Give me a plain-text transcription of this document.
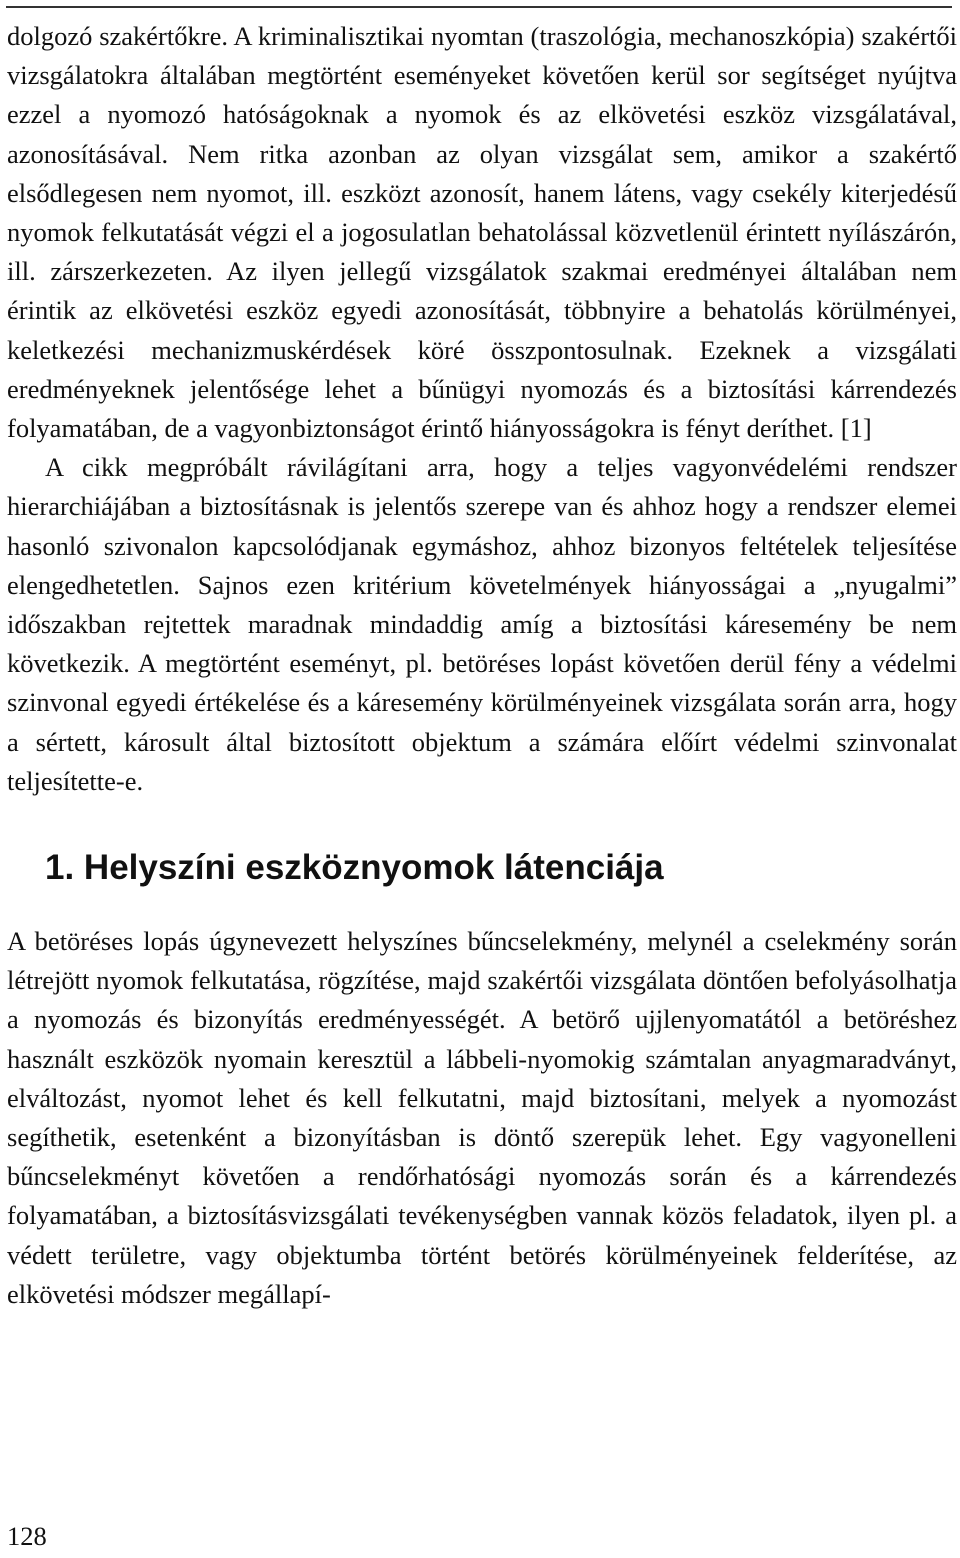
dolgozó szakértőkre. A kriminalisztikai nyomtan (traszológia, mechanoszkópia) szakértői vizsgálatokra általában megtörtént eseményeket követően kerül sor segítséget nyújtva ezzel a nyomozó hatóságoknak a nyomok és az elkövetési eszköz vizsgálatával, azonosításával. Nem ritka azonban az olyan vizsgálat sem, amikor a szakértő elsődlegesen nem nyomot, ill. eszközt azonosít, hanem látens, vagy csekély kiterjedésű nyomok felkutatását végzi el a jogosulatlan behatolással közvetlenül érintett nyílászárón, ill. zárszerkezeten. Az ilyen jellegű vizsgálatok szakmai eredményei általában nem érintik az elkövetési eszköz egyedi azonosítását, többnyire a behatolás körülményei, keletkezési mechanizmuskérdések köré összpontosulnak. Ezeknek a vizsgálati eredményeknek jelentősége lehet a bűnügyi nyomozás és a biztosítási kárrendezés folyamatában, de a vagyonbiztonságot érintő hiányosságokra is fényt deríthet. [1]

A cikk megpróbált rávilágítani arra, hogy a teljes vagyonvédelémi rendszer hierarchiájában a biztosításnak is jelentős szerepe van és ahhoz hogy a rendszer elemei hasonló szivonalon kapcsolódjanak egymáshoz, ahhoz bizonyos feltételek teljesítése elengedhetetlen. Sajnos ezen kritérium követelmények hiányosságai a „nyugalmi” időszakban rejtettek maradnak mindaddig amíg a biztosítási káresemény be nem következik. A megtörtént eseményt, pl. betöréses lopást követően derül fény a védelmi szinvonal egyedi értékelése és a káresemény körülményeinek vizsgálata során arra, hogy a sértett, károsult által biztosított objektum a számára előírt védelmi szinvonalat teljesítette-e.

1. Helyszíni eszköznyomok látenciája

A betöréses lopás úgynevezett helyszínes bűncselekmény, melynél a cselekmény során létrejött nyomok felkutatása, rögzítése, majd szakértői vizsgálata döntően befolyásolhatja a nyomozás és bizonyítás eredményességét. A betörő ujjlenyomatától a betöréshez használt eszközök nyomain keresztül a lábbeli-nyomokig számtalan anyagmaradványt, elváltozást, nyomot lehet és kell felkutatni, majd biztosítani, melyek a nyomozást segíthetik, esetenként a bizonyításban is döntő szerepük lehet. Egy vagyonelleni bűncselekményt követően a rendőrhatósági nyomozás során és a kárrendezés folyamatában, a biztosításvizsgálati tevékenységben vannak közös feladatok, ilyen pl. a védett területre, vagy objektumba történt betörés körülményeinek felderítése, az elkövetési módszer megállapí-

128
